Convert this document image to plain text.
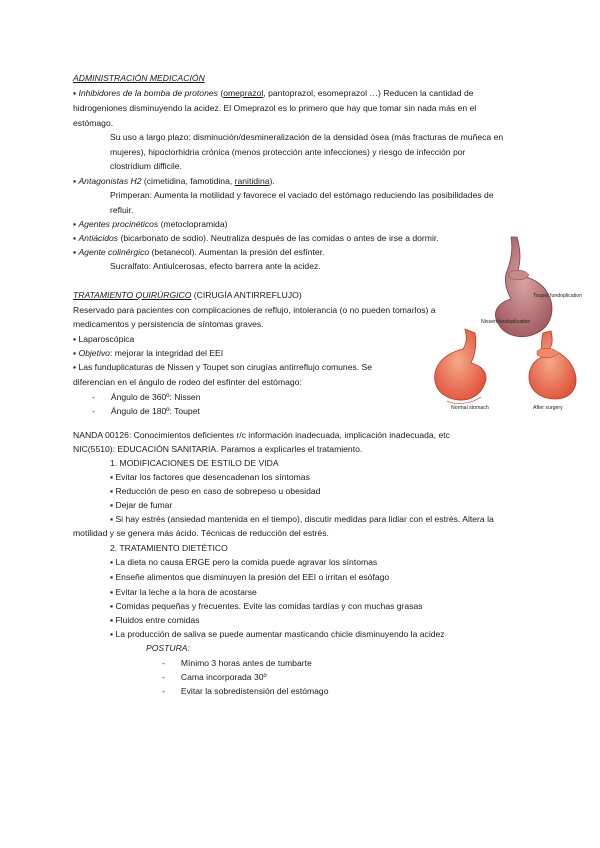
ADMINISTRACIÓN MEDICACIÓN
▪ Inhibidores de la bomba de protones (omeprazol, pantoprazol, esomeprazol …) Reducen la cantidad de
hidrogeniones disminuyendo la acidez. El Omeprazol es lo primero que hay que tomar sin nada más en el
estómago.
Su uso a largo plazo: disminución/desmineralización de la densidad ósea (más fracturas de muñeca en
mujeres), hipoclorhidria crónica (menos protección ante infecciones) y riesgo de infección por
clostridium difficile.
▪ Antagonistas H2 (cimetidina, famotidina, ranitidina).
Primperan: Aumenta la motilidad y favorece el vaciado del estómago reduciendo las posibilidades de
refluir.
▪ Agentes procinéticos (metoclopramida)
▪ Antiácidos (bicarbonato de sodio). Neutraliza después de las comidas o antes de irse a dormir.
▪ Agente colinérgico (betanecol). Aumentan la presión del esfínter.
Sucralfato: Antiulcerosas, efecto barrera ante la acidez.
TRATAMIENTO QUIRÚRGICO (CIRUGÍA ANTIRREFLUJO)
Reservado para pacientes con complicaciones de reflujo, intolerancia (o no pueden tomarlos) a
medicamentos y persistencia de síntomas graves.
▪ Laparoscópica
▪ Objetivo: mejorar la integridad del EEI
▪ Las funduplicaturas de Nissen y Toupet son cirugías antirreflujo comunes. Se
diferencian en el ángulo de rodeo del esfínter del estómago:
- Ángulo de 360º: Nissen
- Ángulo de 180º: Toupet
Toupet fundoplication
Nissen fundoplication
Normal stomach	After surgery
NANDA 00126: Conocimientos deficientes r/c información inadecuada, implicación inadecuada, etc
NIC(5510): EDUCACIÓN SANITARIA. Paramos a explicarles el tratamiento.
1. MODIFICACIONES DE ESTILO DE VIDA
▪ Evitar los factores que desencadenan los síntomas
▪ Reducción de peso en caso de sobrepeso u obesidad
▪ Dejar de fumar
▪ Si hay estrés (ansiedad mantenida en el tiempo), discutir medidas para lidiar con el estrés. Altera la
motilidad y se genera más ácido. Técnicas de reducción del estrés.
2. TRATAMIENTO DIETÉTICO
▪ La dieta no causa ERGE pero la comida puede agravar los síntomas
▪ Enseñe alimentos que disminuyen la presión del EEI o irritan el esófago
▪ Evitar la leche a la hora de acostarse
▪ Comidas pequeñas y frecuentes. Evite las comidas tardías y con muchas grasas
▪ Fluidos entre comidas
▪ La producción de saliva se puede aumentar masticando chicle disminuyendo la acidez
POSTURA:
- Mínimo 3 horas antes de tumbarte
- Cama incorporada 30º
- Evitar la sobredistensión del estómago
